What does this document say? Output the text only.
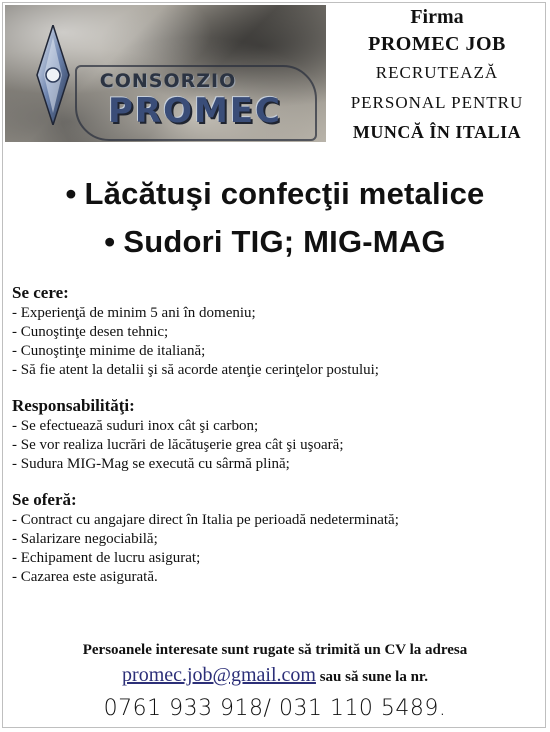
CONSORZIO
PROMEC
Firma
PROMEC JOB
RECRUTEAZĂ
PERSONAL PENTRU
MUNCĂ ÎN ITALIA
• Lăcătuşi confecţii metalice
• Sudori TIG; MIG-MAG
Se cere:
- Experienţă de minim 5 ani în domeniu;
- Cunoştinţe desen tehnic;
- Cunoştinţe minime de italiană;
- Să fie atent la detalii şi să acorde atenţie cerinţelor postului;
Responsabilităţi:
- Se efectuează suduri inox cât şi carbon;
- Se vor realiza lucrări de lăcătuşerie grea cât şi uşoară;
- Sudura MIG-Mag se execută cu sârmă plină;
Se oferă:
- Contract cu angajare direct în Italia pe perioadă nedeterminată;
- Salarizare negociabilă;
- Echipament de lucru asigurat;
- Cazarea este asigurată.
Persoanele interesate sunt rugate să trimită un CV la adresa
promec.job@gmail.com sau să sune la nr.
0761 933 918/ 031 110 5489.
